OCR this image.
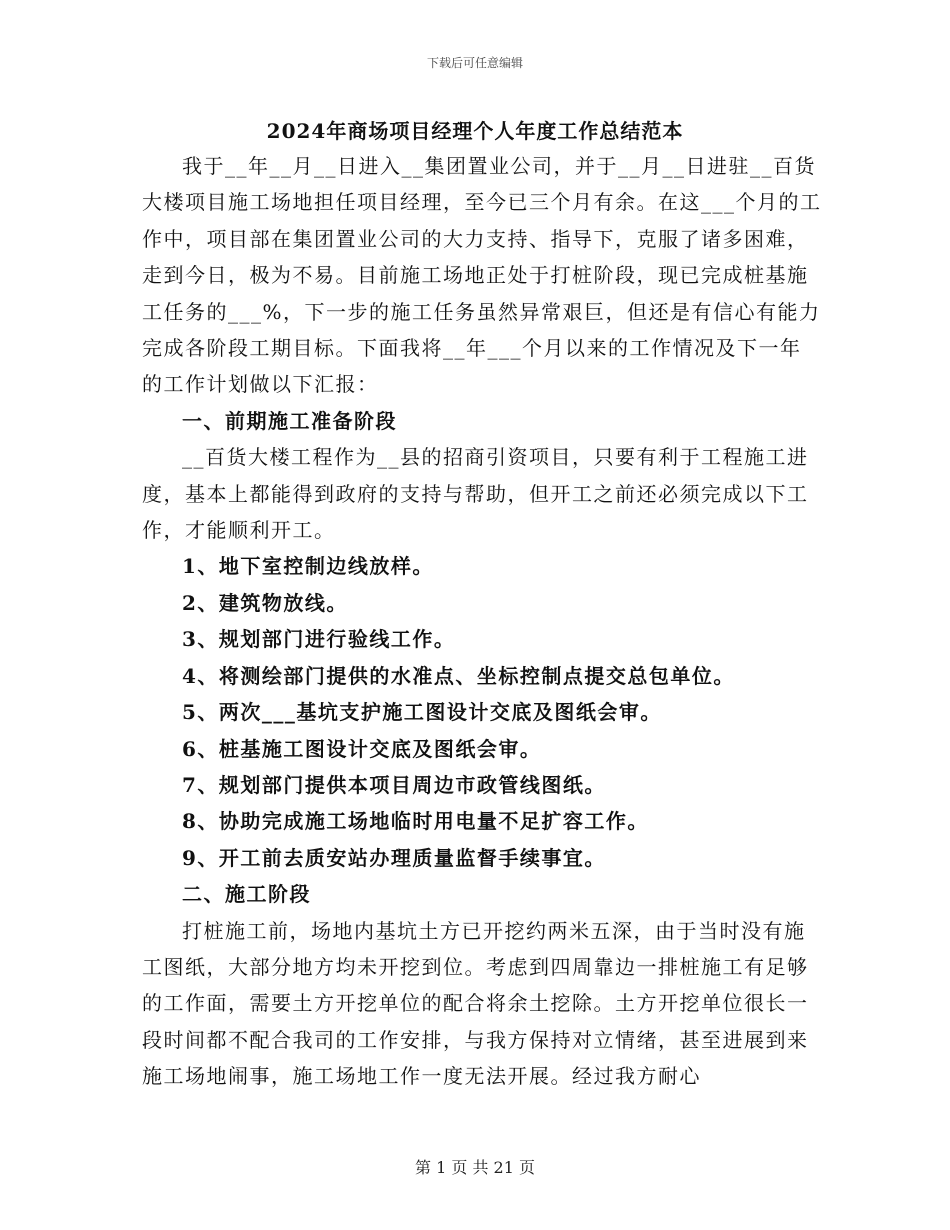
下载后可任意编辑
2024年商场项目经理个人年度工作总结范本

我于__年__月__日进入__集团置业公司，并于__月__日进驻__百货大楼项目施工场地担任项目经理，至今已三个月有余。在这___个月的工作中，项目部在集团置业公司的大力支持、指导下，克服了诸多困难，走到今日，极为不易。目前施工场地正处于打桩阶段，现已完成桩基施工任务的___%，下一步的施工任务虽然异常艰巨，但还是有信心有能力完成各阶段工期目标。下面我将__年___个月以来的工作情况及下一年的工作计划做以下汇报：

一、前期施工准备阶段

__百货大楼工程作为__县的招商引资项目，只要有利于工程施工进度，基本上都能得到政府的支持与帮助，但开工之前还必须完成以下工作，才能顺利开工。

1、地下室控制边线放样。

2、建筑物放线。

3、规划部门进行验线工作。

4、将测绘部门提供的水准点、坐标控制点提交总包单位。

5、两次___基坑支护施工图设计交底及图纸会审。

6、桩基施工图设计交底及图纸会审。

7、规划部门提供本项目周边市政管线图纸。

8、协助完成施工场地临时用电量不足扩容工作。

9、开工前去质安站办理质量监督手续事宜。

二、施工阶段

打桩施工前，场地内基坑土方已开挖约两米五深，由于当时没有施工图纸，大部分地方均未开挖到位。考虑到四周靠边一排桩施工有足够的工作面，需要土方开挖单位的配合将余土挖除。土方开挖单位很长一段时间都不配合我司的工作安排，与我方保持对立情绪，甚至进展到来施工场地闹事，施工场地工作一度无法开展。经过我方耐心

第 1 页 共 21 页
